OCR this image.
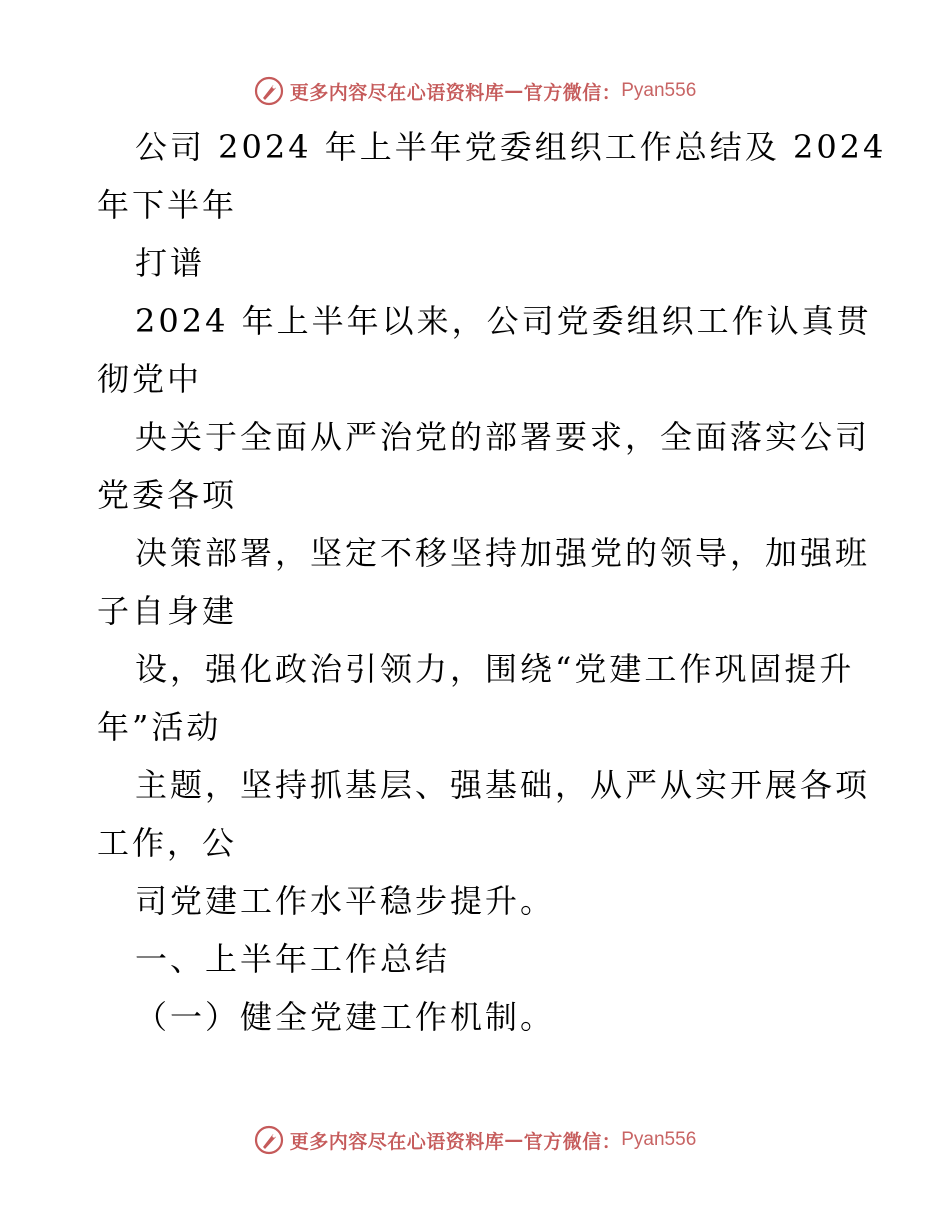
更多内容尽在心语资料库 — 官方微信： Pyan556
公司 2024 年上半年党委组织工作总结及 2024
年下半年
打谱
2024 年上半年以来，公司党委组织工作认真贯
彻党中
央关于全面从严治党的部署要求，全面落实公司
党委各项
决策部署，坚定不移坚持加强党的领导，加强班
子自身建
设，强化政治引领力，围绕“党建工作巩固提升
年”活动
主题，坚持抓基层、强基础，从严从实开展各项
工作，公
司党建工作水平稳步提升。
一、上半年工作总结
（一）健全党建工作机制。
更多内容尽在心语资料库 — 官方微信： Pyan556
